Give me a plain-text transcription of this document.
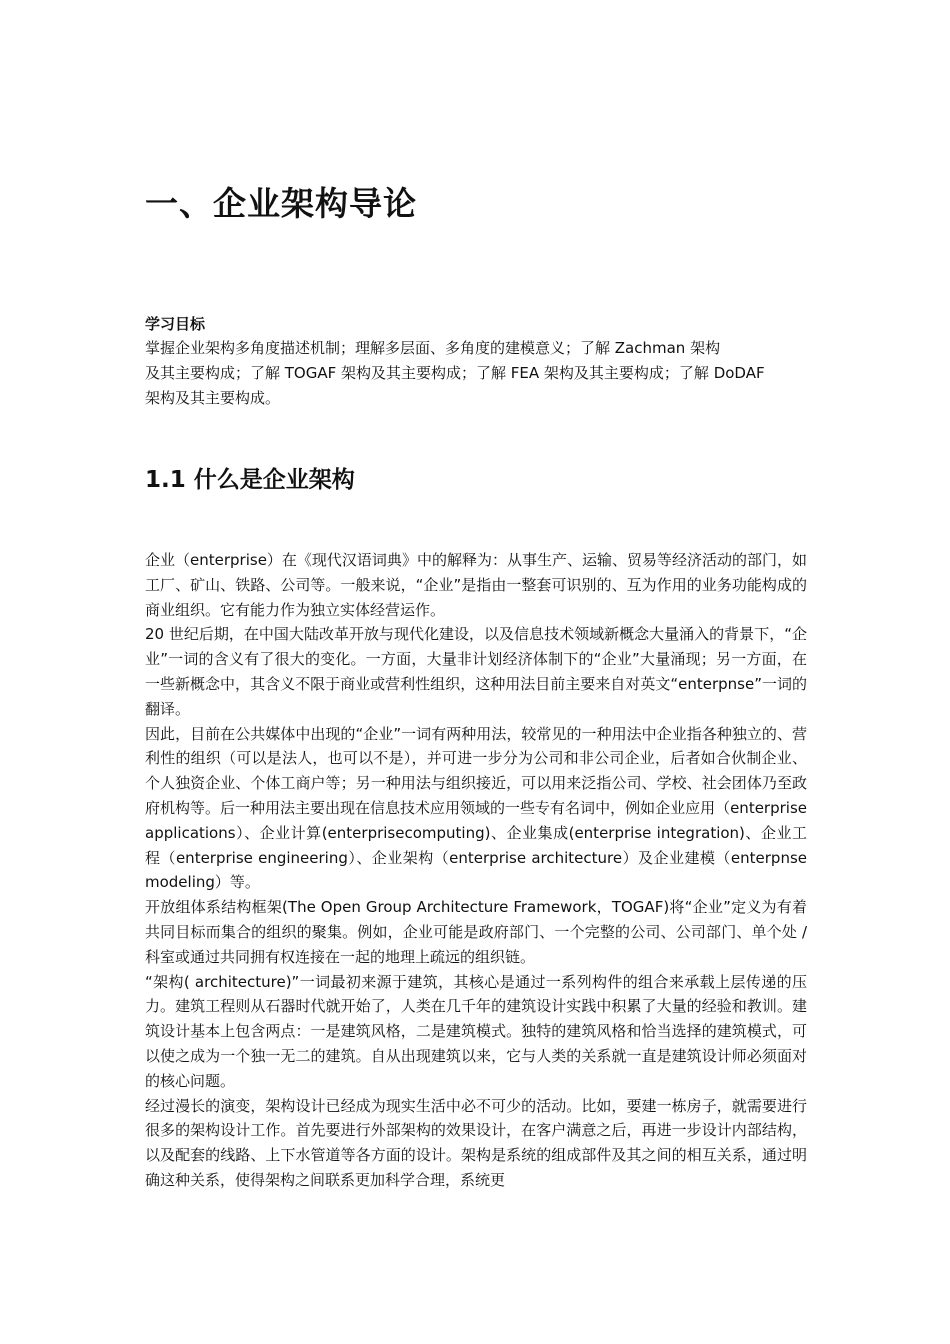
一、企业架构导论

学习目标

掌握企业架构多角度描述机制；理解多层面、多角度的建模意义；了解 Zachman 架构
及其主要构成；了解 TOGAF 架构及其主要构成；了解 FEA 架构及其主要构成；了解 DoDAF
架构及其主要构成。

1.1 什么是企业架构

企业（enterprise）在《现代汉语词典》中的解释为：从事生产、运输、贸易等经济活动的部门，如工厂、矿山、铁路、公司等。一般来说，“企业”是指由一整套可识别的、互为作用的业务功能构成的商业组织。它有能力作为独立实体经营运作。

20 世纪后期，在中国大陆改革开放与现代化建设，以及信息技术领域新概念大量涌入的背景下，“企业”一词的含义有了很大的变化。一方面，大量非计划经济体制下的“企业”大量涌现；另一方面，在一些新概念中，其含义不限于商业或营利性组织，这种用法目前主要来自对英文“enterpnse”一词的翻译。

因此，目前在公共媒体中出现的“企业”一词有两种用法，较常见的一种用法中企业指各种独立的、营利性的组织（可以是法人，也可以不是），并可进一步分为公司和非公司企业，后者如合伙制企业、个人独资企业、个体工商户等；另一种用法与组织接近，可以用来泛指公司、学校、社会团体乃至政府机构等。后一种用法主要出现在信息技术应用领域的一些专有名词中，例如企业应用（enterprise applications）、企业计算(enterprisecomputing)、企业集成(enterprise integration)、企业工程（enterprise engineering）、企业架构（enterprise architecture）及企业建模（enterpnse modeling）等。

开放组体系结构框架(The Open Group Architecture Framework，TOGAF)将“企业”定义为有着共同目标而集合的组织的聚集。例如，企业可能是政府部门、一个完整的公司、公司部门、单个处 / 科室或通过共同拥有权连接在一起的地理上疏远的组织链。

“架构( architecture)”一词最初来源于建筑，其核心是通过一系列构件的组合来承载上层传递的压力。建筑工程则从石器时代就开始了，人类在几千年的建筑设计实践中积累了大量的经验和教训。建筑设计基本上包含两点：一是建筑风格，二是建筑模式。独特的建筑风格和恰当选择的建筑模式，可以使之成为一个独一无二的建筑。自从出现建筑以来，它与人类的关系就一直是建筑设计师必须面对的核心问题。

经过漫长的演变，架构设计已经成为现实生活中必不可少的活动。比如，要建一栋房子，就需要进行很多的架构设计工作。首先要进行外部架构的效果设计，在客户满意之后，再进一步设计内部结构，以及配套的线路、上下水管道等各方面的设计。架构是系统的组成部件及其之间的相互关系，通过明确这种关系，使得架构之间联系更加科学合理，系统更
